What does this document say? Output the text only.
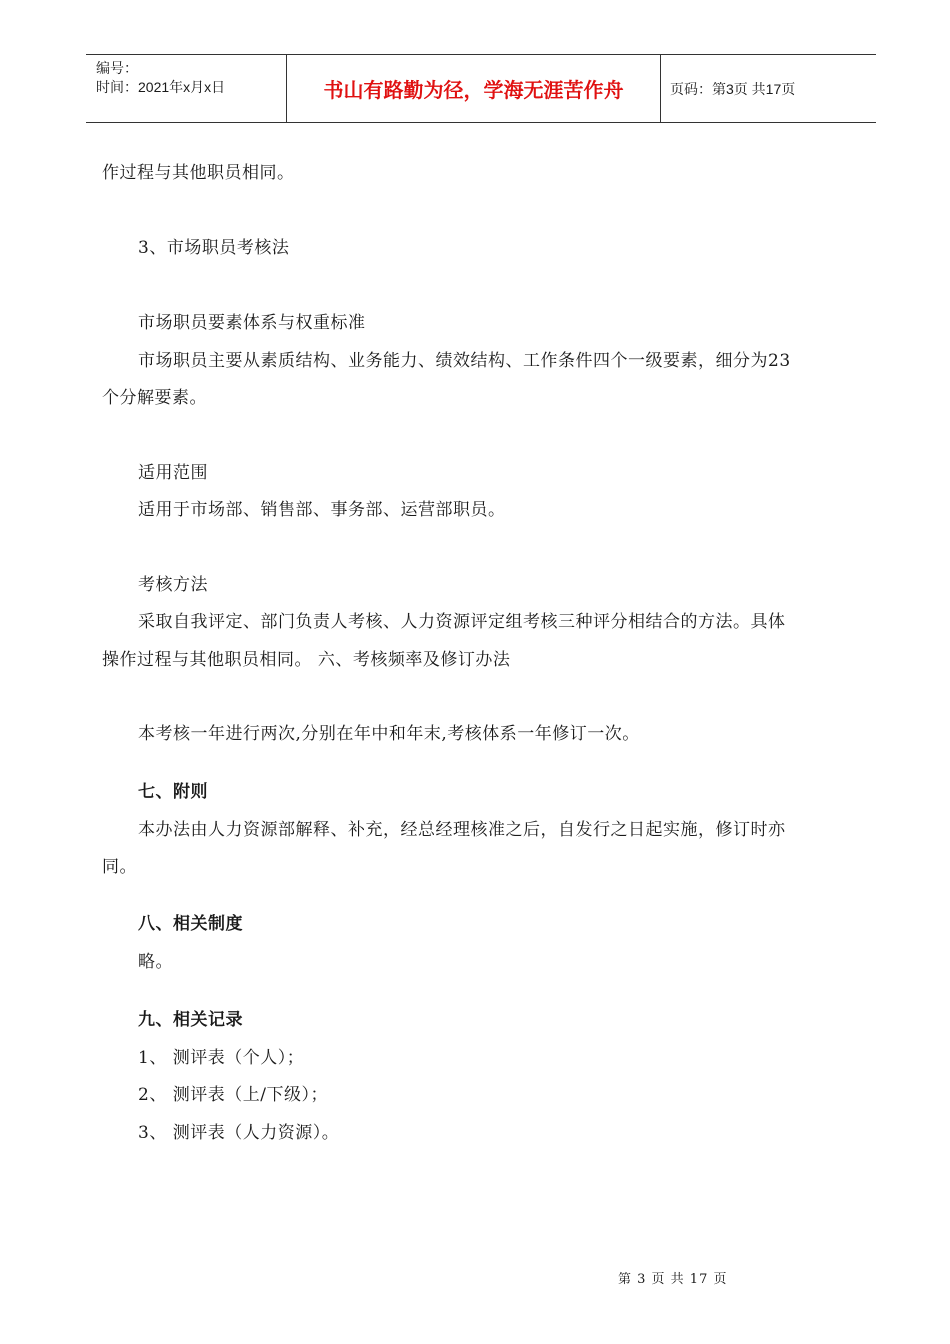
编号：
时间：2021年x月x日	书山有路勤为径，学海无涯苦作舟	页码：第3页 共17页
作过程与其他职员相同。
3、市场职员考核法
市场职员要素体系与权重标准
市场职员主要从素质结构、业务能力、绩效结构、工作条件四个一级要素，细分为23
个分解要素。
适用范围
适用于市场部、销售部、事务部、运营部职员。
考核方法
采取自我评定、部门负责人考核、人力资源评定组考核三种评分相结合的方法。具体
操作过程与其他职员相同。 六、考核频率及修订办法
本考核一年进行两次,分别在年中和年末,考核体系一年修订一次。
七、附则
本办法由人力资源部解释、补充，经总经理核准之后，自发行之日起实施，修订时亦
同。
八、相关制度
略。
九、相关记录
1、 测评表（个人）；
2、 测评表（上/下级）；
3、 测评表（人力资源）。
第 3 页 共 17 页
